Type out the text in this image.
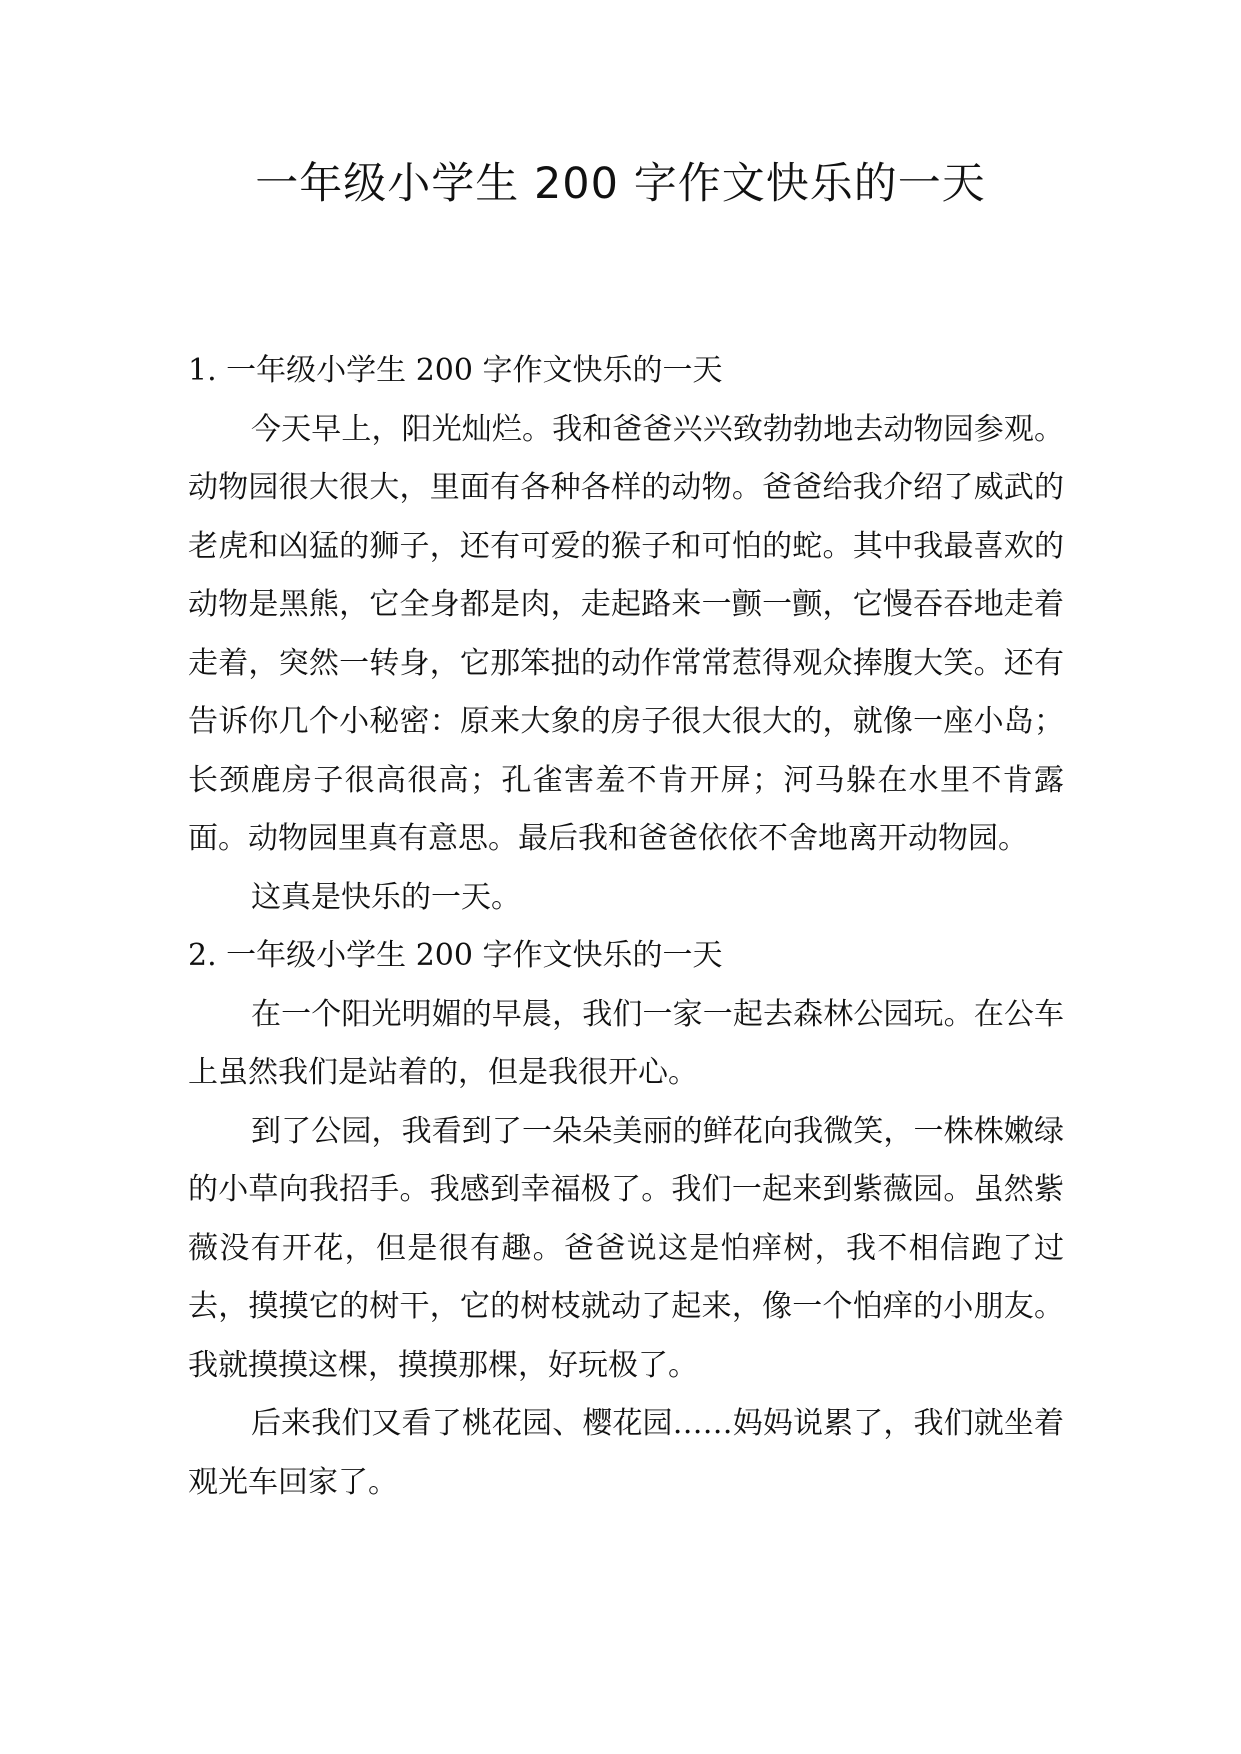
一年级小学生 200 字作文快乐的一天

1. 一年级小学生 200 字作文快乐的一天

今天早上，阳光灿烂。我和爸爸兴兴致勃勃地去动物园参观。动物园很大很大，里面有各种各样的动物。爸爸给我介绍了威武的老虎和凶猛的狮子，还有可爱的猴子和可怕的蛇。其中我最喜欢的动物是黑熊，它全身都是肉，走起路来一颤一颤，它慢吞吞地走着走着，突然一转身，它那笨拙的动作常常惹得观众捧腹大笑。还有告诉你几个小秘密：原来大象的房子很大很大的，就像一座小岛；长颈鹿房子很高很高；孔雀害羞不肯开屏；河马躲在水里不肯露面。动物园里真有意思。最后我和爸爸依依不舍地离开动物园。

这真是快乐的一天。

2. 一年级小学生 200 字作文快乐的一天

在一个阳光明媚的早晨，我们一家一起去森林公园玩。在公车上虽然我们是站着的，但是我很开心。

到了公园，我看到了一朵朵美丽的鲜花向我微笑，一株株嫩绿的小草向我招手。我感到幸福极了。我们一起来到紫薇园。虽然紫薇没有开花，但是很有趣。爸爸说这是怕痒树，我不相信跑了过去，摸摸它的树干，它的树枝就动了起来，像一个怕痒的小朋友。我就摸摸这棵，摸摸那棵，好玩极了。

后来我们又看了桃花园、樱花园……妈妈说累了，我们就坐着观光车回家了。
